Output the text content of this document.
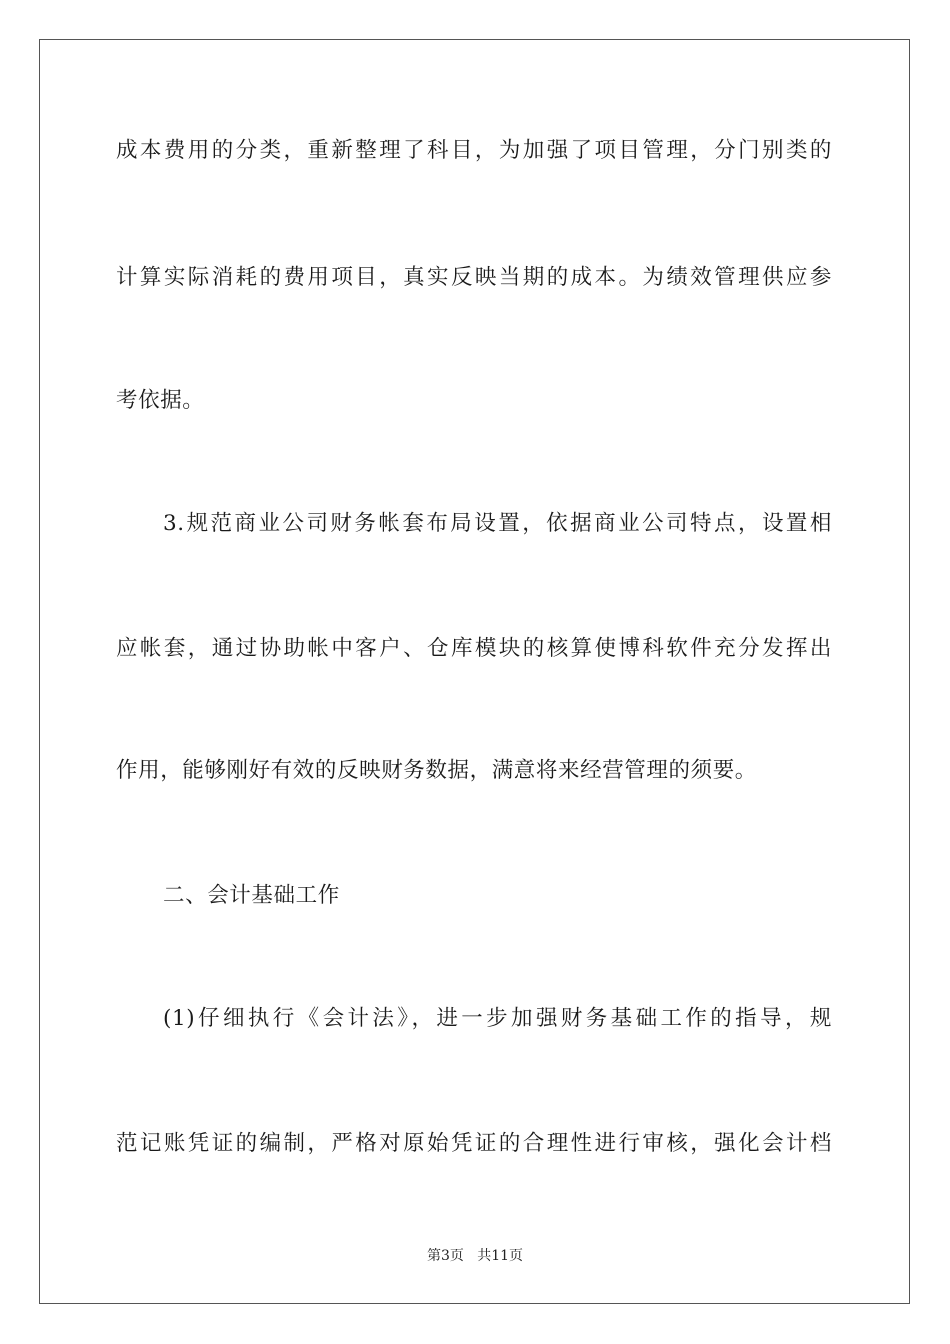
成本费用的分类，重新整理了科目，为加强了项目管理，分门别类的
计算实际消耗的费用项目，真实反映当期的成本。为绩效管理供应参
考依据。
3.规范商业公司财务帐套布局设置，依据商业公司特点，设置相
应帐套，通过协助帐中客户、仓库模块的核算使博科软件充分发挥出
作用，能够刚好有效的反映财务数据，满意将来经营管理的须要。
二、会计基础工作
(1)仔细执行《会计法》，进一步加强财务基础工作的指导，规
范记账凭证的编制，严格对原始凭证的合理性进行审核，强化会计档
第3页   共11页
